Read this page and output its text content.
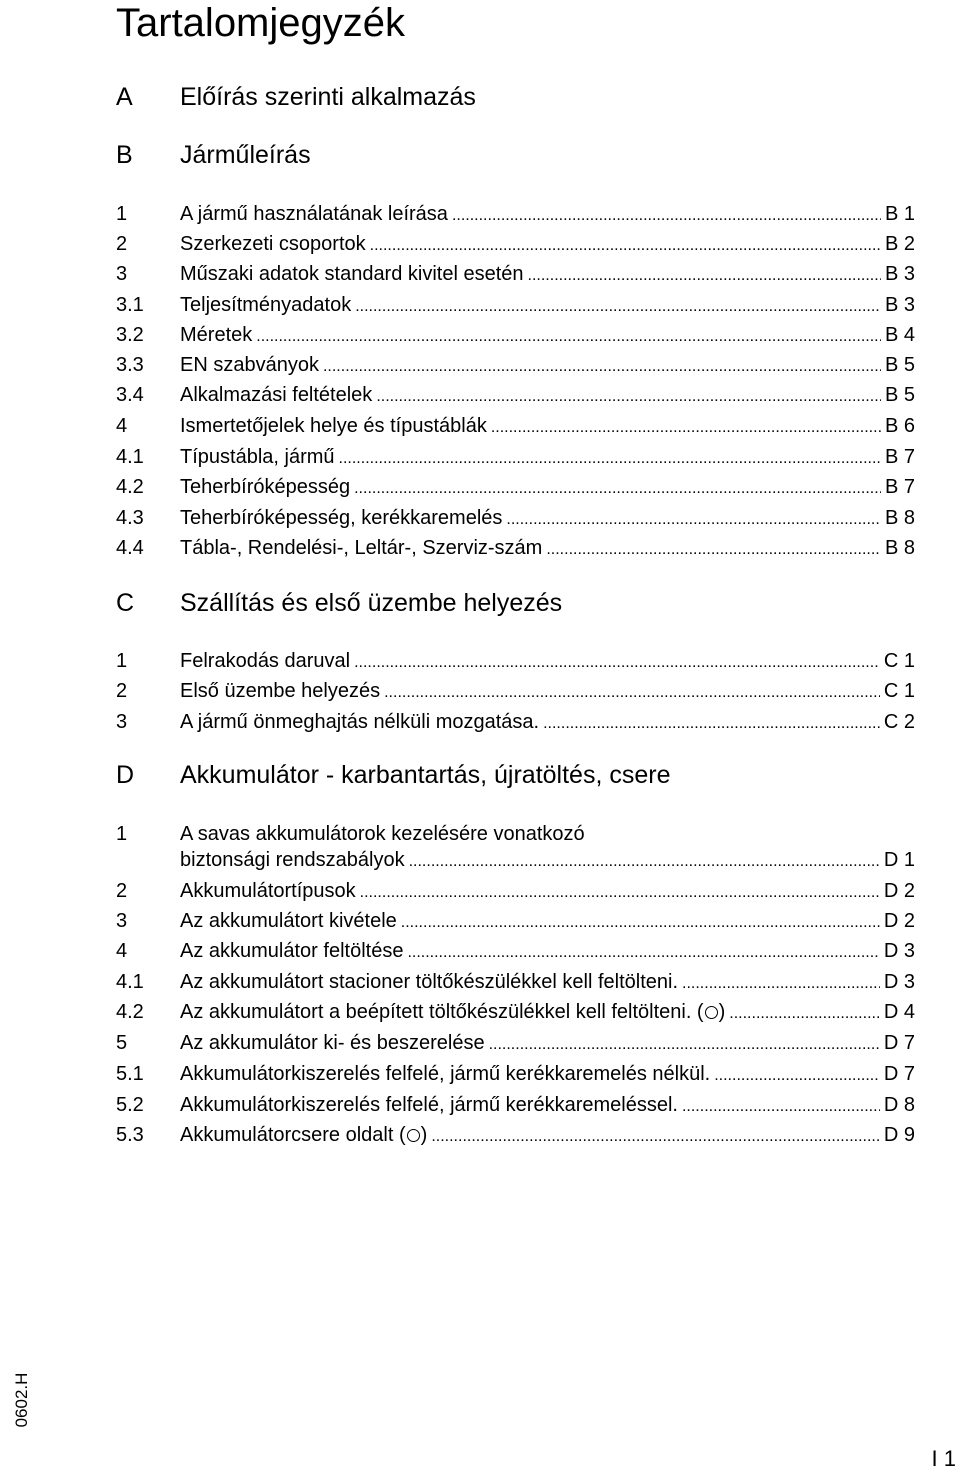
Tartalomjegyzék
A Előírás szerinti alkalmazás
B Járműleírás
1	A jármű használatának leírása .....	B 1
2	Szerkezeti csoportok .....	B 2
3	Műszaki adatok standard kivitel esetén .....	B 3
3.1 Teljesítményadatok .....	B 3
3.2 Méretek .....	B 4
3.3 EN szabványok .....	B 5
3.4 Alkalmazási feltételek .....	B 5
4	Ismertetőjelek helye és típustáblák .....	B 6
4.1 Típustábla, jármű .....	B 7
4.2 Teherbíróképesség .....	B 7
4.3 Teherbíróképesség, kerékkaremelés .....	B 8
4.4 Tábla-, Rendelési-, Leltár-, Szerviz-szám .....	B 8
C Szállítás és első üzembe helyezés
1	Felrakodás daruval .....	C 1
2	Első üzembe helyezés .....	C 1
3	A jármű önmeghajtás nélküli mozgatása. .....	C 2
D Akkumulátor - karbantartás, újratöltés, csere
1	A savas akkumulátorok kezelésére vonatkozó
biztonsági rendszabályok .....	D 1
2	Akkumulátortípusok .....	D 2
3	Az akkumulátort kivétele .....	D 2
4	Az akkumulátor feltöltése .....	D 3
4.1 Az akkumulátort stacioner töltőkészülékkel kell feltölteni. .....	D 3
4.2 Az akkumulátort a beépített töltőkészülékkel kell feltölteni. ( ) .....	D 4
5	Az akkumulátor ki- és beszerelése .....	D 7
5.1 Akkumulátorkiszerelés felfelé, jármű kerékkaremelés nélkül. .....	D 7
5.2 Akkumulátorkiszerelés felfelé, jármű kerékkaremeléssel. .....	D 8
5.3 Akkumulátorcsere oldalt ( ) .....	D 9
0602.H
I 1
